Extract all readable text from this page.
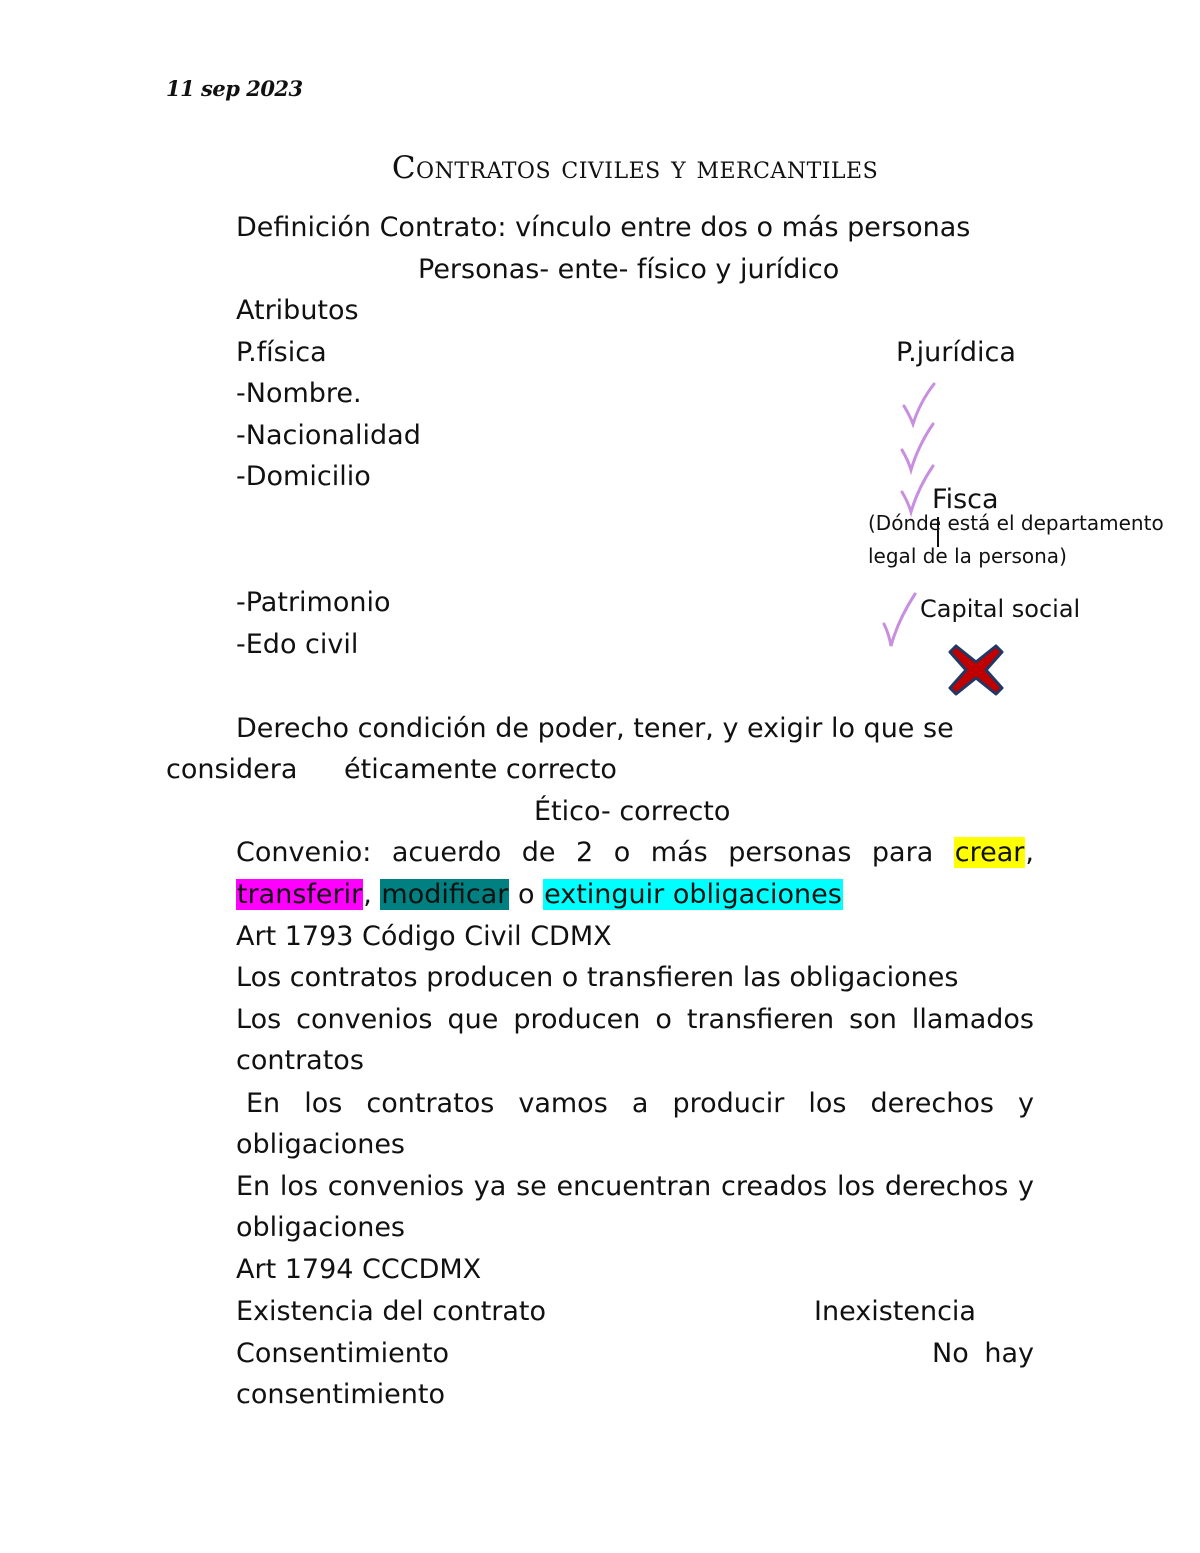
11 sep 2023
Contratos civiles y mercantiles
Definición Contrato: vínculo entre dos o más personas
Personas- ente- físico y jurídico
Atributos
P.física	P.jurídica
-Nombre.
-Nacionalidad
-Domicilio
Fisca
(Dónde está el departamento
legal de la persona)
-Patrimonio	Capital social
-Edo civil
Derecho condición de poder, tener, y exigir lo que se
considera éticamente correcto
Ético- correcto
Convenio: acuerdo de 2 o más personas para crear,
transferir, modificar o extinguir obligaciones
Art 1793 Código Civil CDMX
Los contratos producen o transfieren las obligaciones
Los convenios que producen o transfieren son llamados
contratos
En los contratos vamos a producir los derechos y
obligaciones
En los convenios ya se encuentran creados los derechos y
obligaciones
Art 1794 CCCDMX
Existencia del contrato	Inexistencia
Consentimiento	No hay
consentimiento
